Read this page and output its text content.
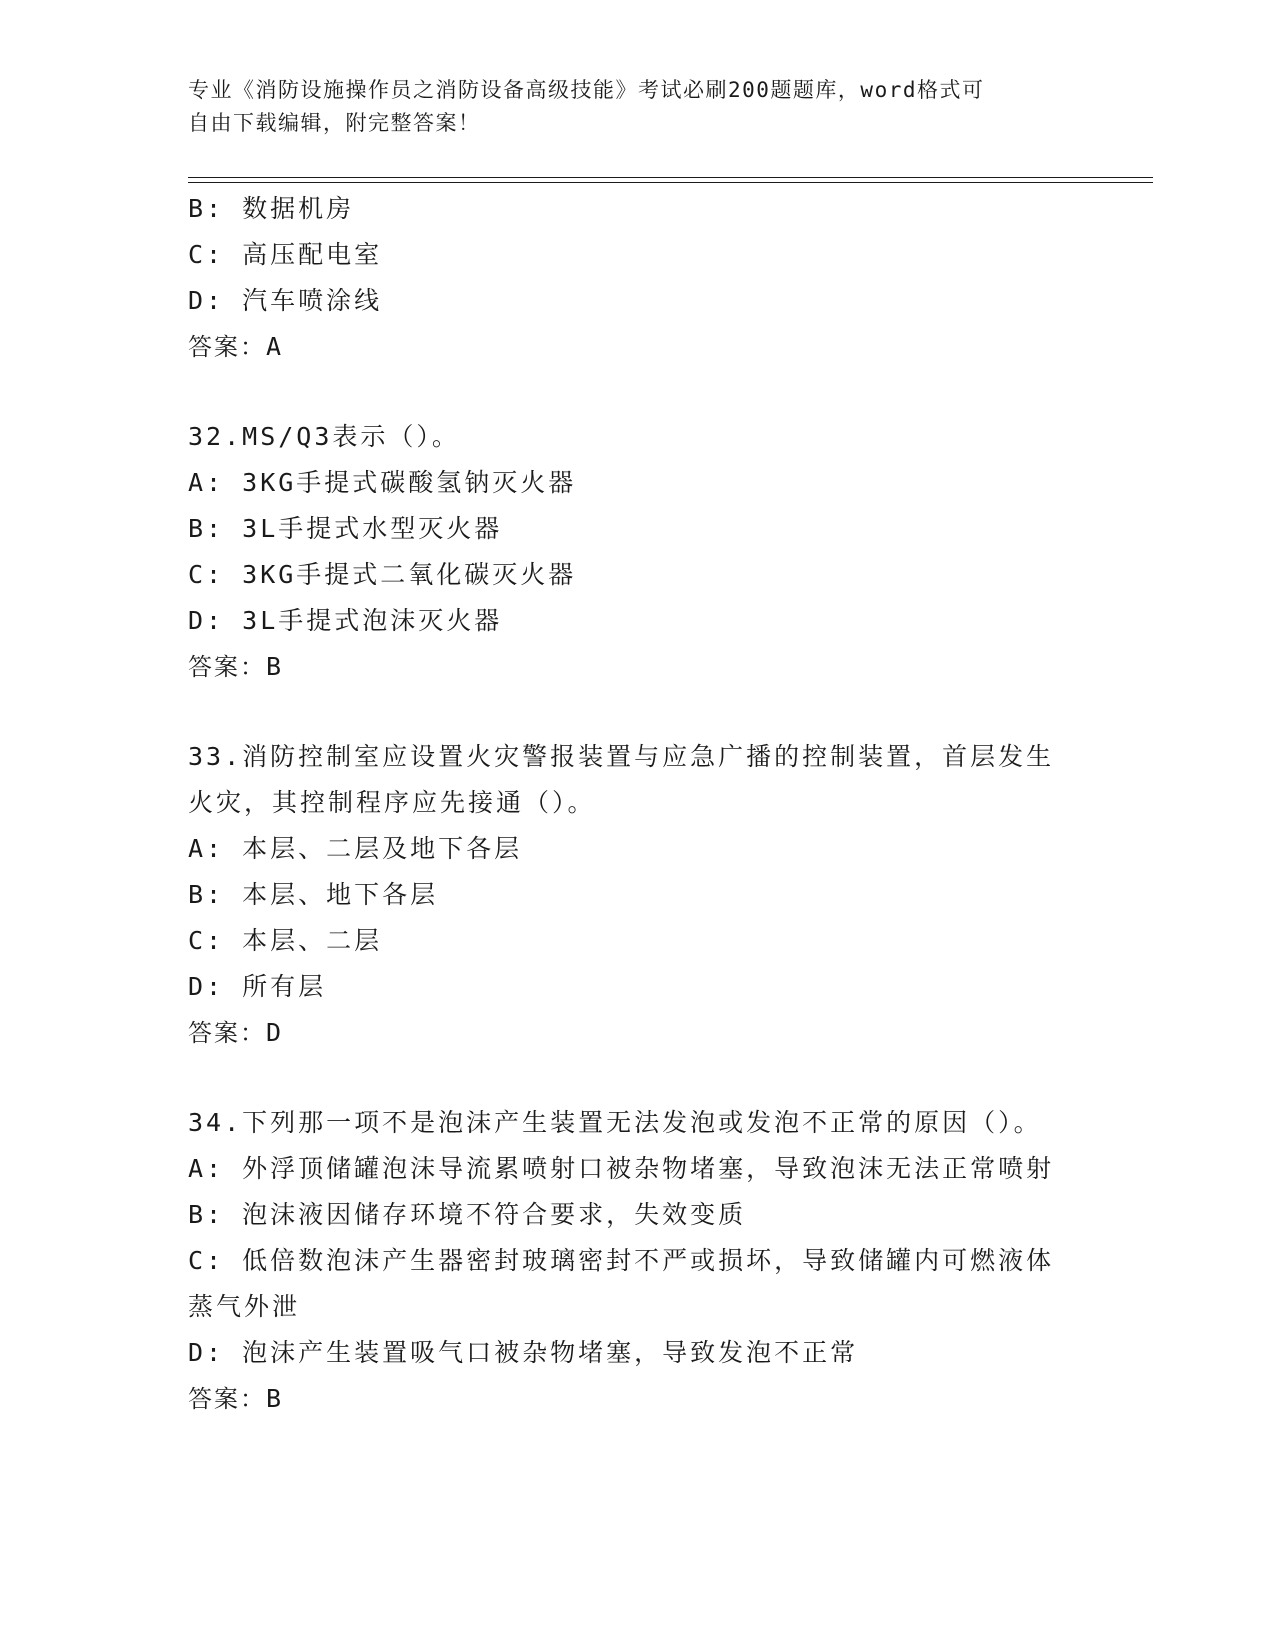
专业《消防设施操作员之消防设备高级技能》考试必刷200题题库，word格式可
自由下载编辑，附完整答案！
B: 数据机房
C: 高压配电室
D: 汽车喷涂线
答案：A
32.MS/Q3表示（）。
A: 3KG手提式碳酸氢钠灭火器
B: 3L手提式水型灭火器
C: 3KG手提式二氧化碳灭火器
D: 3L手提式泡沫灭火器
答案：B
33.消防控制室应设置火灾警报装置与应急广播的控制装置，首层发生
火灾，其控制程序应先接通（）。
A: 本层、二层及地下各层
B: 本层、地下各层
C: 本层、二层
D: 所有层
答案：D
34.下列那一项不是泡沫产生装置无法发泡或发泡不正常的原因（）。
A: 外浮顶储罐泡沫导流累喷射口被杂物堵塞，导致泡沫无法正常喷射
B: 泡沫液因储存环境不符合要求，失效变质
C: 低倍数泡沫产生器密封玻璃密封不严或损坏，导致储罐内可燃液体
蒸气外泄
D: 泡沫产生装置吸气口被杂物堵塞，导致发泡不正常
答案：B
